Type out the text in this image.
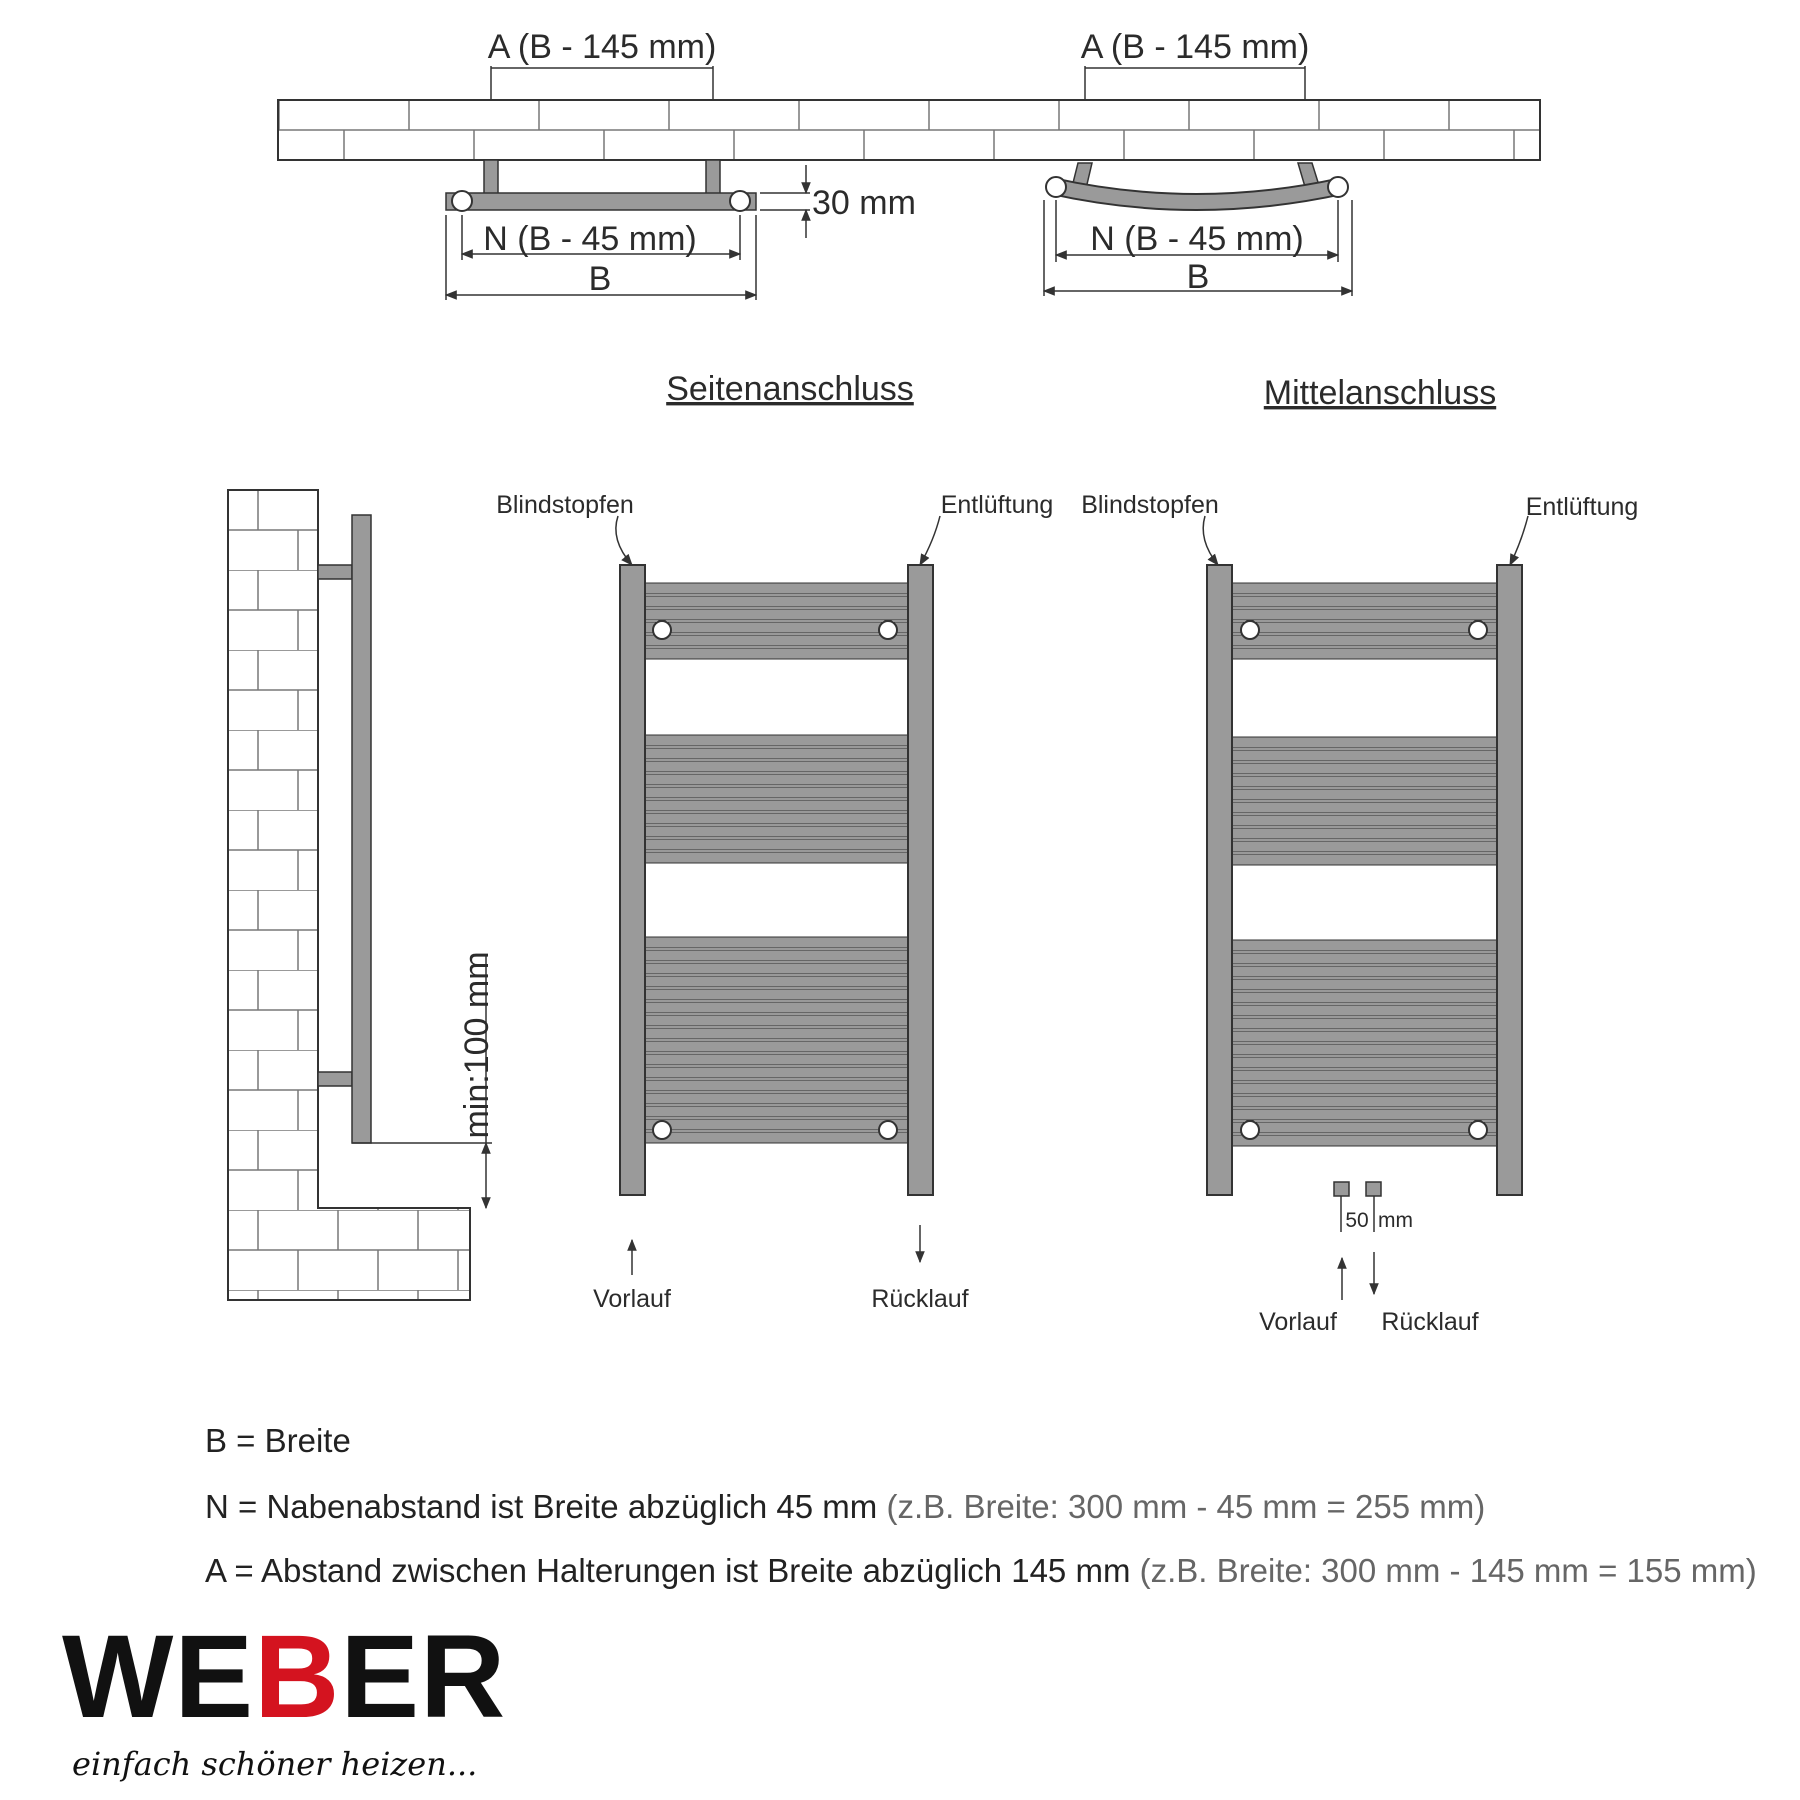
A (B - 145 mm)	A (B - 145 mm)
30 mm
N (B - 45 mm)	N (B - 45 mm)
B	B
Seitenanschluss	Mittelanschluss
min:100 mm
Blindstopfen	Entlüftung
Vorlauf	Rücklauf
50 mm
Blindstopfen	Entlüftung
Vorlauf Rücklauf
B = Breite
N = Nabenabstand ist Breite abzüglich 45 mm (z.B. Breite: 300 mm - 45 mm = 255 mm)
A = Abstand zwischen Halterungen ist Breite abzüglich 145 mm (z.B. Breite: 300 mm - 145 mm = 155 mm)
WEBER
einfach schöner heizen...
